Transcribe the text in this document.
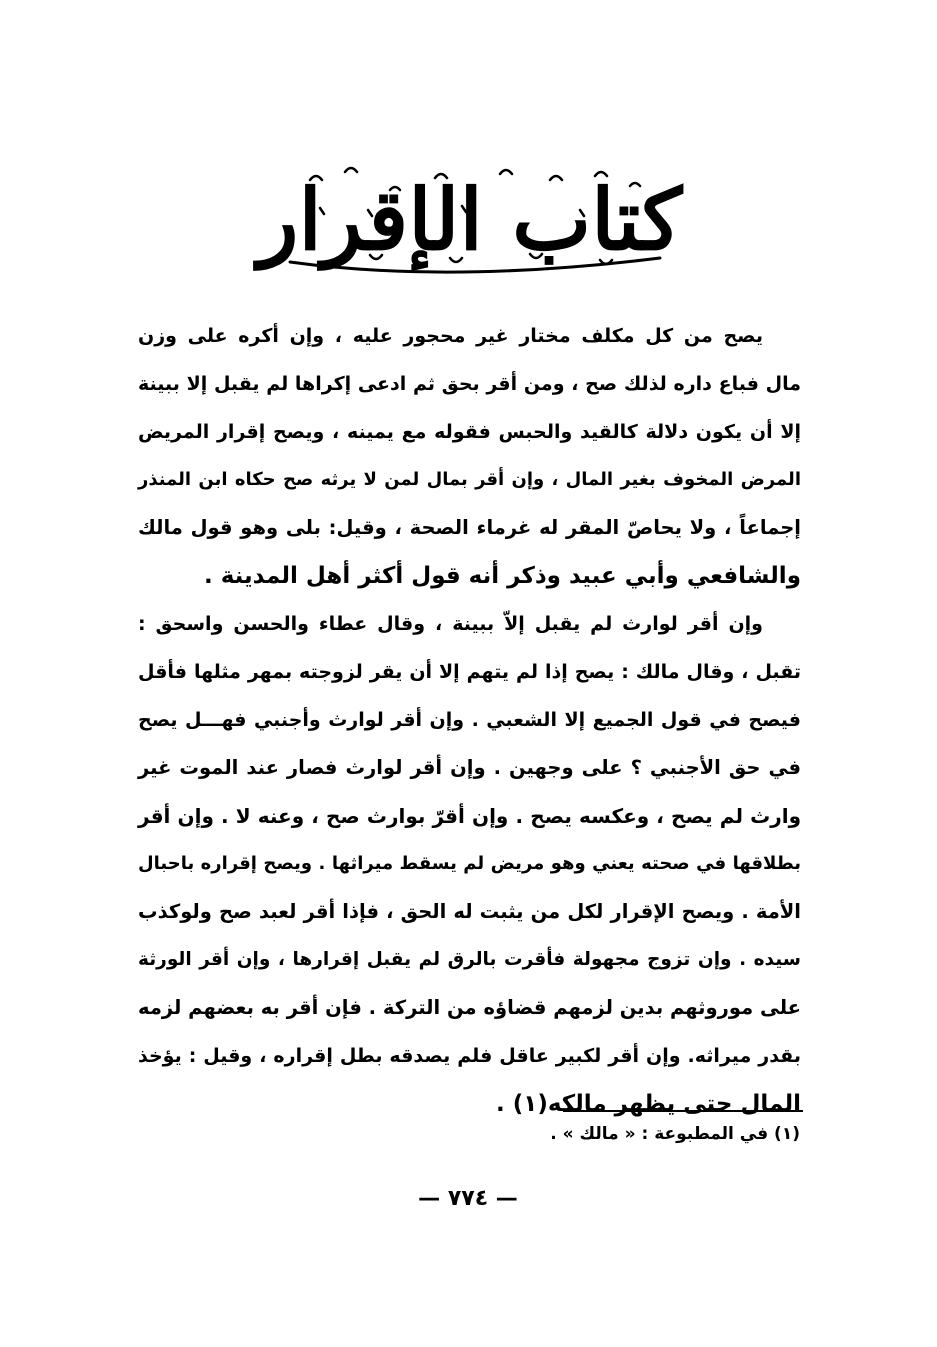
كتاب الإقرار
يصح من كل مكلف مختار غير محجور عليه ، وإن أكره على وزن
مال فباع داره لذلك صح ، ومن أقر بحق ثم ادعى إكراها لم يقبل إلا ببينة
إلا أن يكون دلالة كالقيد والحبس فقوله مع يمينه ، ويصح إقرار المريض
المرض المخوف بغير المال ، وإن أقر بمال لمن لا يرثه صح حكاه ابن المنذر
إجماعاً ، ولا يحاصّ المقر له غرماء الصحة ، وقيل: بلى وهو قول مالك
والشافعي وأبي عبيد وذكر أنه قول أكثر أهل المدينة .
وإن أقر لوارث لم يقبل إلاّ ببينة ، وقال عطاء والحسن واسحق :
تقبل ، وقال مالك : يصح إذا لم يتهم إلا أن يقر لزوجته بمهر مثلها فأقل
فيصح في قول الجميع إلا الشعبي . وإن أقر لوارث وأجنبي فهـــل يصح
في حق الأجنبي ؟ على وجهين . وإن أقر لوارث فصار عند الموت غير
وارث لم يصح ، وعكسه يصح . وإن أقرّ بوارث صح ، وعنه لا . وإن أقر
بطلاقها في صحته يعني وهو مريض لم يسقط ميراثها . ويصح إقراره باحبال
الأمة . ويصح الإقرار لكل من يثبت له الحق ، فإذا أقر لعبد صح ولوكذب
سيده . وإن تزوج مجهولة فأقرت بالرق لم يقبل إقرارها ، وإن أقر الورثة
على موروثهم بدين لزمهم قضاؤه من التركة . فإن أقر به بعضهم لزمه
بقدر ميراثه. وإن أقر لكبير عاقل فلم يصدقه بطل إقراره ، وقيل : يؤخذ
المال حتى يظهر مالكه(١) .
(١) في المطبوعة : « مالك » .
— ٧٧٤ —
